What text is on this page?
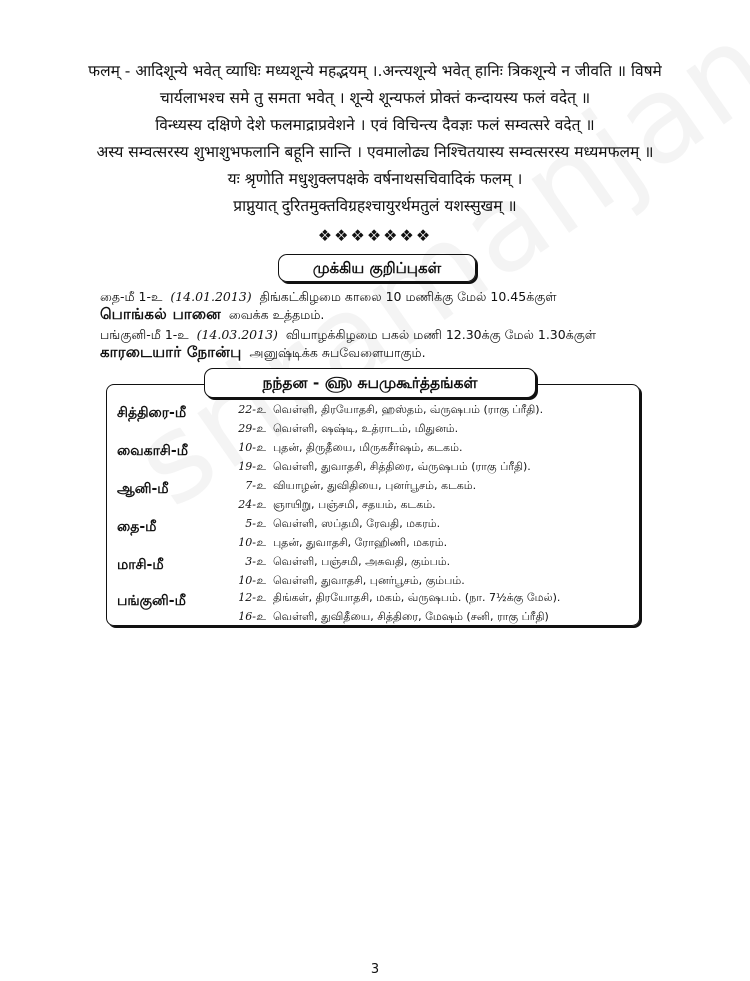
फलम् - आदिशून्ये भवेत् व्याधिः मध्यशून्ये महद्भयम् ।.अन्त्यशून्ये भवेत् हानिः त्रिकशून्ये न जीवति ॥ विषमे
चार्यलाभश्च समे तु समता भवेत् । शून्ये शून्यफलं प्रोक्तं कन्दायस्य फलं वदेत् ॥
विन्ध्यस्य दक्षिणे देशे फलमाद्राप्रवेशने । एवं विचिन्त्य दैवज्ञः फलं सम्वत्सरे वदेत् ॥
अस्य सम्वत्सरस्य शुभाशुभफलानि बहूनि सान्ति । एवमालोढ्य निश्चितयास्य सम्वत्सरस्य मध्यमफलम् ॥
यः श्रृणोति मधुशुक्लपक्षके वर्षनाथसचिवादिकं फलम् ।
प्राप्नुयात् दुरितमुक्तविग्रहश्चायुरर्थमतुलं यशस्सुखम् ॥
❖❖❖❖❖❖❖
முக்கிய குறிப்புகள்
தை-மீ 1-உ (14.01.2013) திங்கட்கிழமை காலை 10 மணிக்கு மேல் 10.45க்குள்
பொங்கல் பானை வைக்க உத்தமம்.
பங்குனி-மீ 1-உ (14.03.2013) வியாழக்கிழமை பகல் மணி 12.30க்கு மேல் 1.30க்குள்
காரடையார் நோன்பு அனுஷ்டிக்க சுபவேளையாகும்.
சித்திரை-மீ	22-உ வெள்ளி, திரயோதசி, ஹஸ்தம், வ்ருஷபம் (ராகு ப்ரீதி).
29-உ வெள்ளி, ஷஷ்டி, உத்ராடம், மிதுனம்.
வைகாசி-மீ	10-உ புதன், திருதீயை, மிருகசீர்ஷம், கடகம்.
19-உ வெள்ளி, துவாதசி, சித்திரை, வ்ருஷபம் (ராகு ப்ரீதி).
ஆனி-மீ	7-உ வியாழன், துவிதியை, புனர்பூசம், கடகம்.
24-உ ஞாயிறு, பஞ்சமி, சதயம், கடகம்.
தை-மீ	5-உ வெள்ளி, ஸப்தமி, ரேவதி, மகரம்.
10-உ புதன், துவாதசி, ரோஹிணி, மகரம்.
மாசி-மீ	3-உ வெள்ளி, பஞ்சமி, அசுவதி, கும்பம்.
10-உ வெள்ளி, துவாதசி, புனர்பூசம், கும்பம்.
பங்குனி-மீ	12-உ திங்கள், திரயோதசி, மகம், வ்ருஷபம். (நா. 7½க்கு மேல்).
16-உ வெள்ளி, துவிதீயை, சித்திரை, மேஷம் (சனி, ராகு ப்ரீதி)
நந்தன - ௵ சுபமுகூர்த்தங்கள்
3
